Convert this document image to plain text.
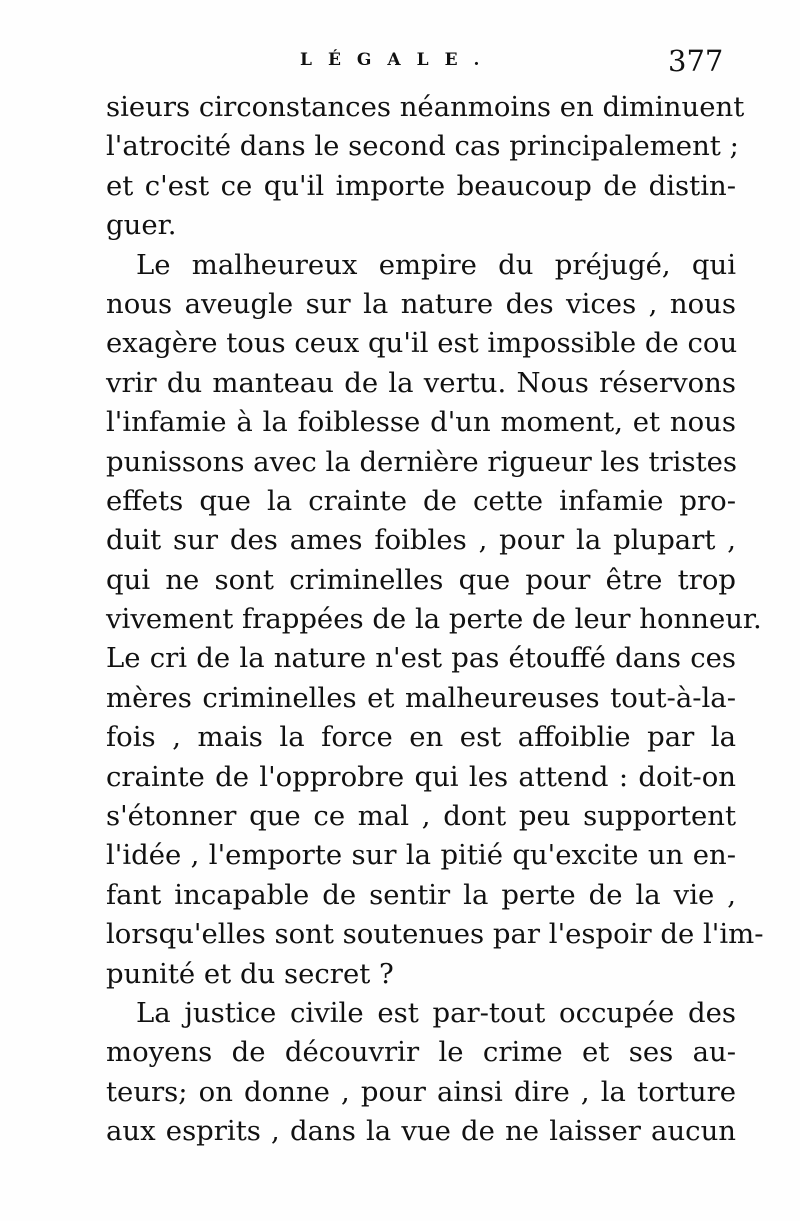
LÉGALE.	377
sieurs circonstances néanmoins en diminuent
l'atrocité dans le second cas principalement ;
et c'est ce qu'il importe beaucoup de distin-
guer.
Le malheureux empire du préjugé, qui
nous aveugle sur la nature des vices , nous
exagère tous ceux qu'il est impossible de cou
vrir du manteau de la vertu. Nous réservons
l'infamie à la foiblesse d'un moment, et nous
punissons avec la dernière rigueur les tristes
effets que la crainte de cette infamie pro-
duit sur des ames foibles , pour la plupart ,
qui ne sont criminelles que pour être trop
vivement frappées de la perte de leur honneur.
Le cri de la nature n'est pas étouffé dans ces
mères criminelles et malheureuses tout-à-la-
fois , mais la force en est affoiblie par la
crainte de l'opprobre qui les attend : doit-on
s'étonner que ce mal , dont peu supportent
l'idée , l'emporte sur la pitié qu'excite un en-
fant incapable de sentir la perte de la vie ,
lorsqu'elles sont soutenues par l'espoir de l'im-
punité et du secret ?
La justice civile est par-tout occupée des
moyens de découvrir le crime et ses au-
teurs; on donne , pour ainsi dire , la torture
aux esprits , dans la vue de ne laisser aucun
